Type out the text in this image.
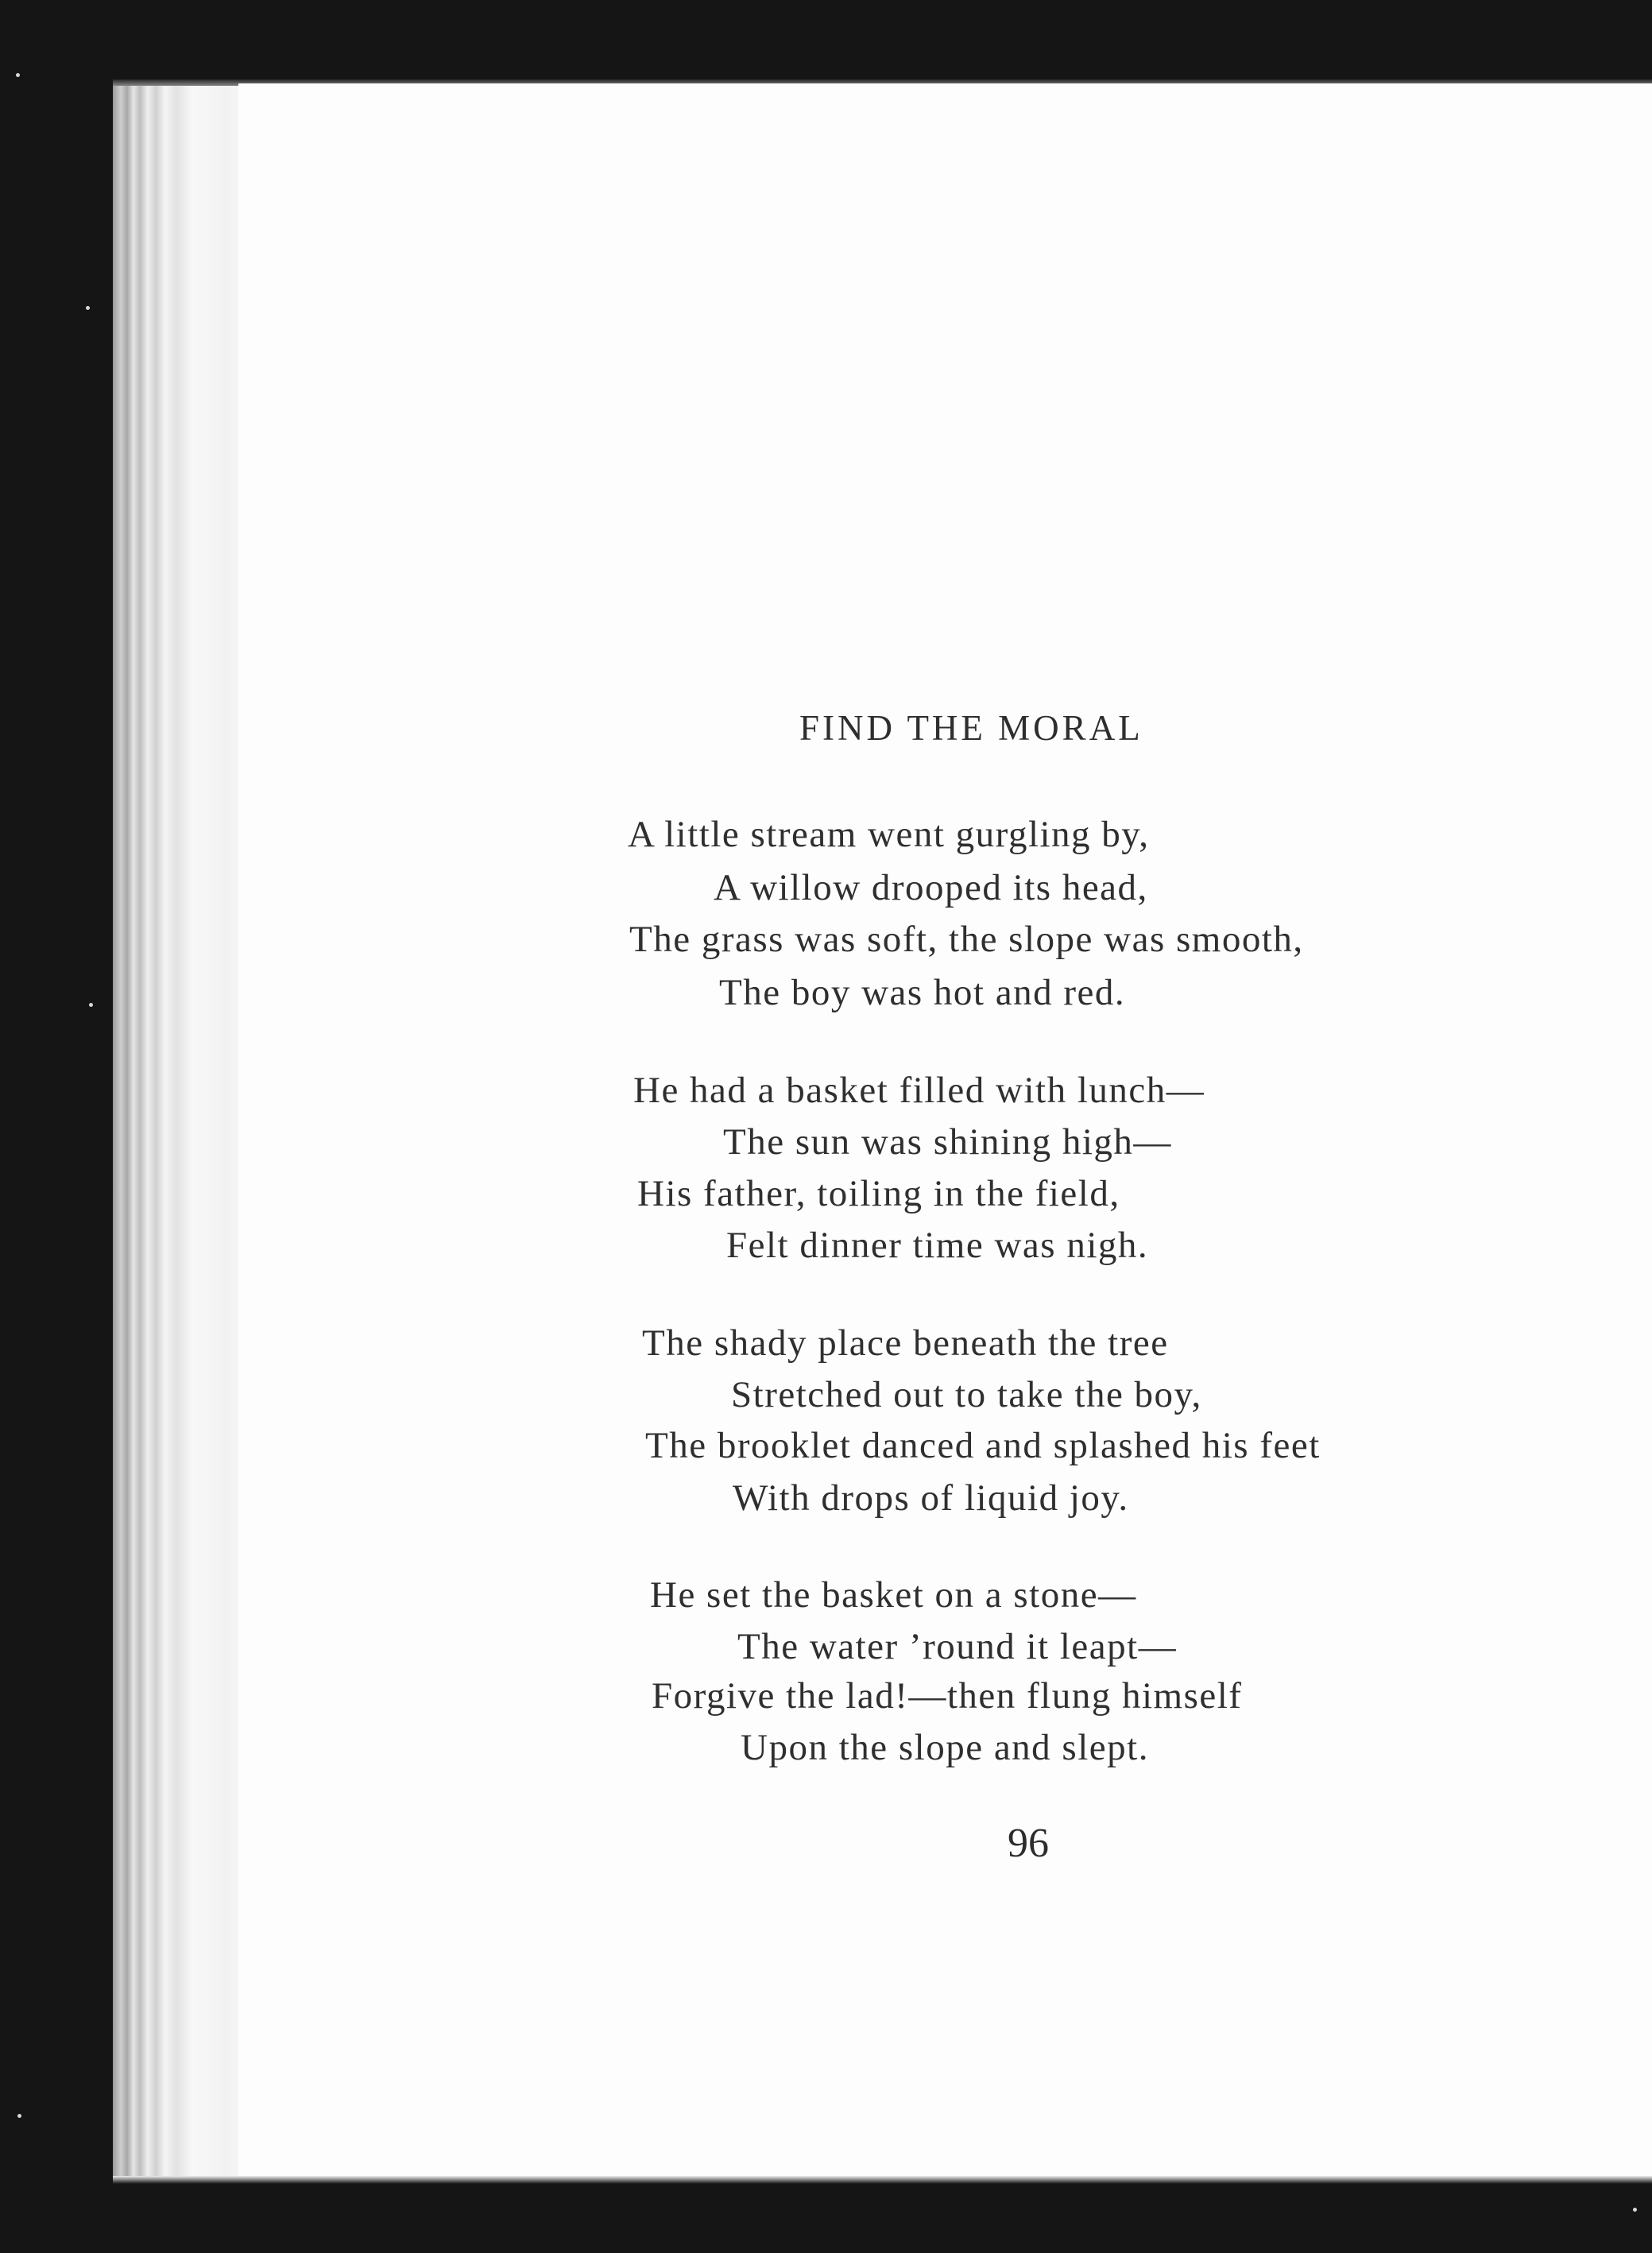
FIND THE MORAL
A little stream went gurgling by,
A willow drooped its head,
The grass was soft, the slope was smooth,
The boy was hot and red.
He had a basket filled with lunch—
The sun was shining high—
His father, toiling in the field,
Felt dinner time was nigh.
The shady place beneath the tree
Stretched out to take the boy,
The brooklet danced and splashed his feet
With drops of liquid joy.
He set the basket on a stone—
The water ’round it leapt—
Forgive the lad!—then flung himself
Upon the slope and slept.
96
